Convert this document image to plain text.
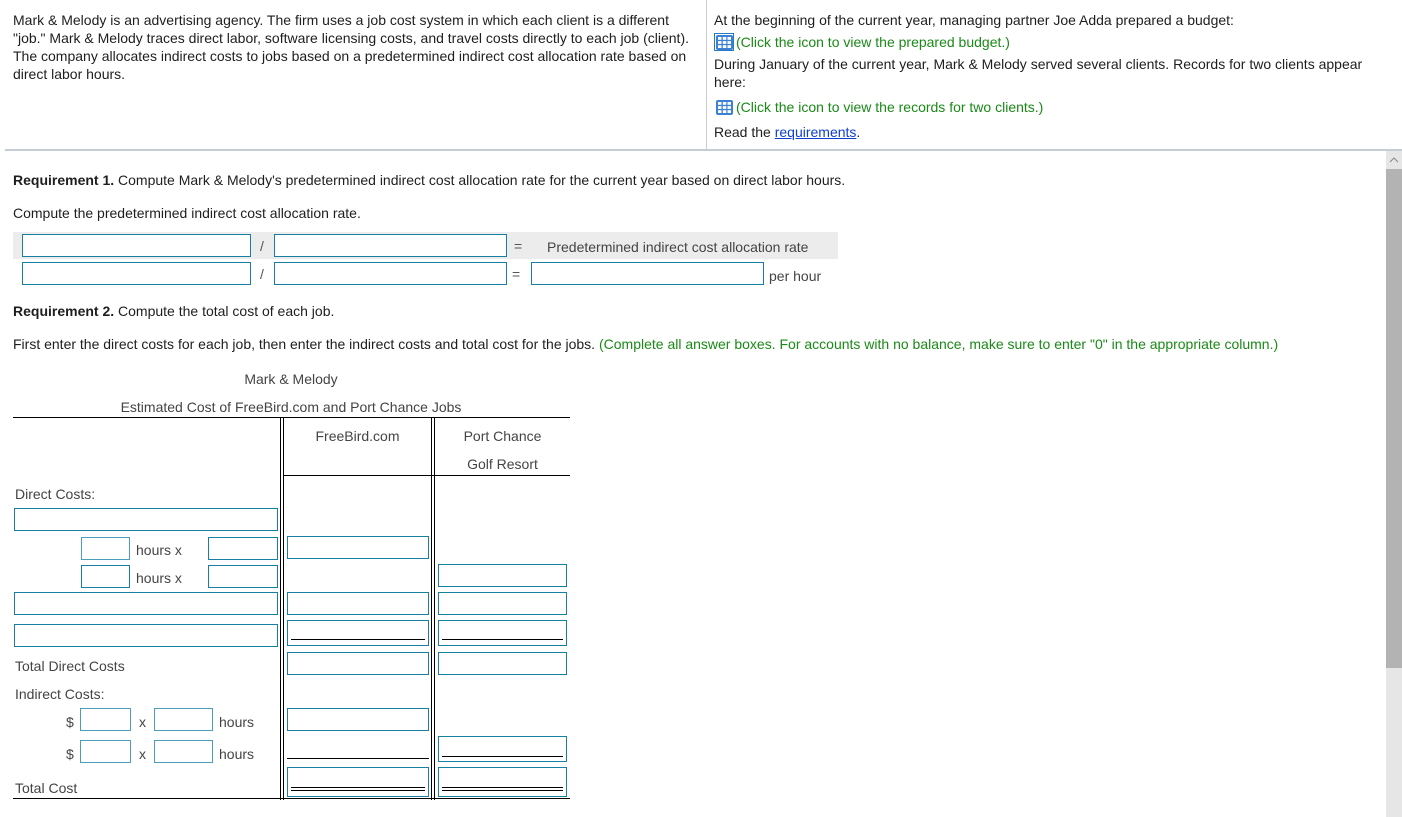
Mark & Melody is an advertising agency. The firm uses a job cost system in which each client is a different "job." Mark & Melody traces direct labor, software licensing costs, and travel costs directly to each job (client). The company allocates indirect costs to jobs based on a predetermined indirect cost allocation rate based on direct labor hours.
At the beginning of the current year, managing partner Joe Adda prepared a budget:
(Click the icon to view the prepared budget.)
During January of the current year, Mark & Melody served several clients. Records for two clients appear here:
(Click the icon to view the records for two clients.)
Read the requirements .
Requirement 1. Compute Mark & Melody's predetermined indirect cost allocation rate for the current year based on direct labor hours.
Compute the predetermined indirect cost allocation rate.
/	= Predetermined indirect cost allocation rate
/	=	per hour
Requirement 2. Compute the total cost of each job.
First enter the direct costs for each job, then enter the indirect costs and total cost for the jobs. (Complete all answer boxes. For accounts with no balance, make sure to enter "0" in the appropriate column.)
Mark & Melody
Estimated Cost of FreeBird.com and Port Chance Jobs
FreeBird.com	Port Chance
Golf Resort
Direct Costs:
hours x
hours x
Total Direct Costs
Indirect Costs:
$	x	hours
$	x	hours
Total Cost
